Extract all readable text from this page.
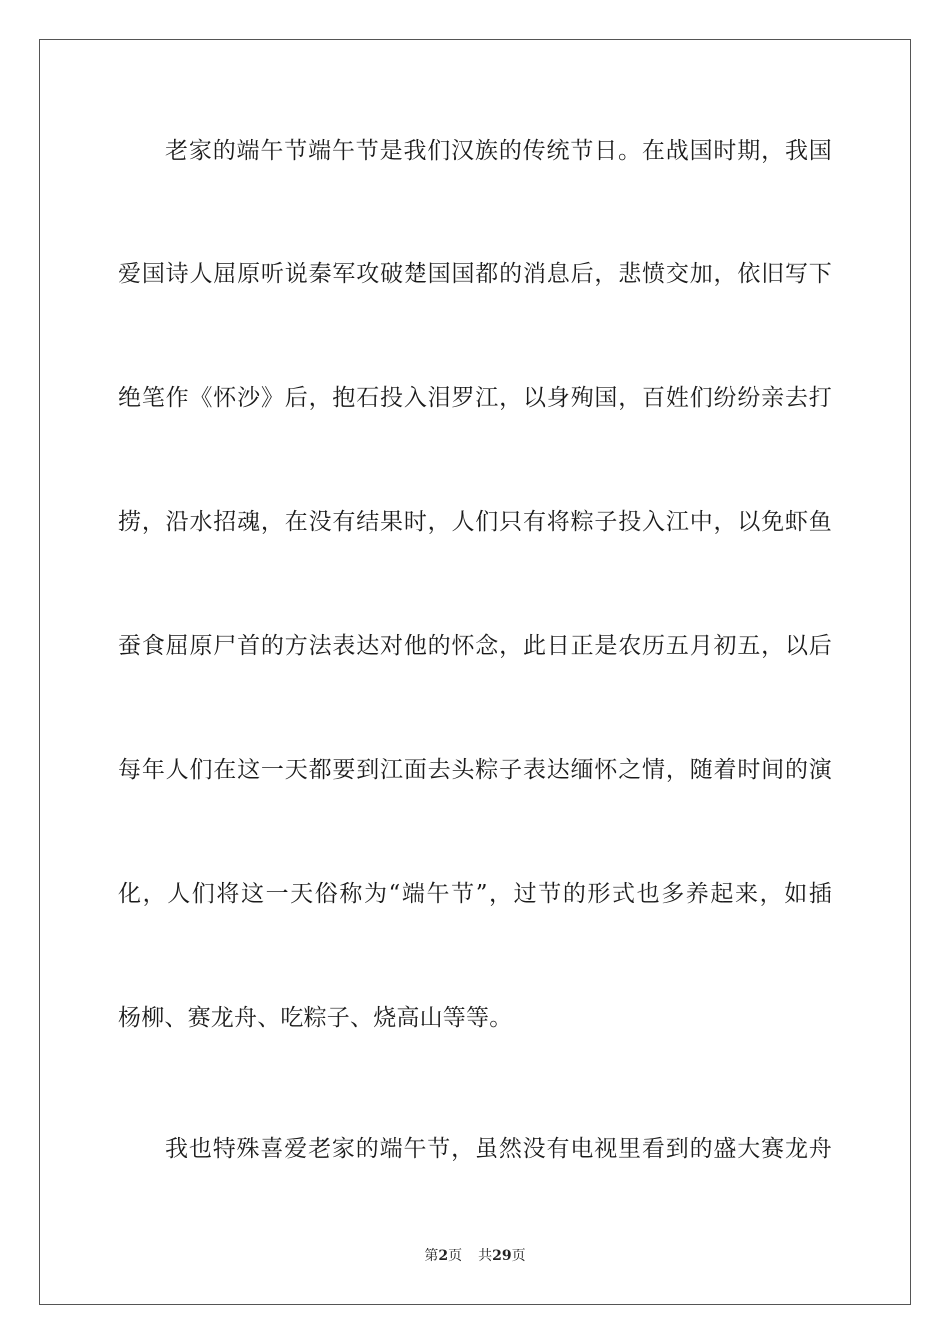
老家的端午节端午节是我们汉族的传统节日。在战国时期，我国
爱国诗人屈原听说秦军攻破楚国国都的消息后，悲愤交加，依旧写下
绝笔作《怀沙》后，抱石投入泪罗江，以身殉国，百姓们纷纷亲去打
捞，沿水招魂，在没有结果时，人们只有将粽子投入江中，以免虾鱼
蚕食屈原尸首的方法表达对他的怀念，此日正是农历五月初五，以后
每年人们在这一天都要到江面去头粽子表达缅怀之情，随着时间的演
化，人们将这一天俗称为“端午节”，过节的形式也多养起来，如插
杨柳、赛龙舟、吃粽子、烧高山等等。
我也特殊喜爱老家的端午节，虽然没有电视里看到的盛大赛龙舟
第2页 共29页
